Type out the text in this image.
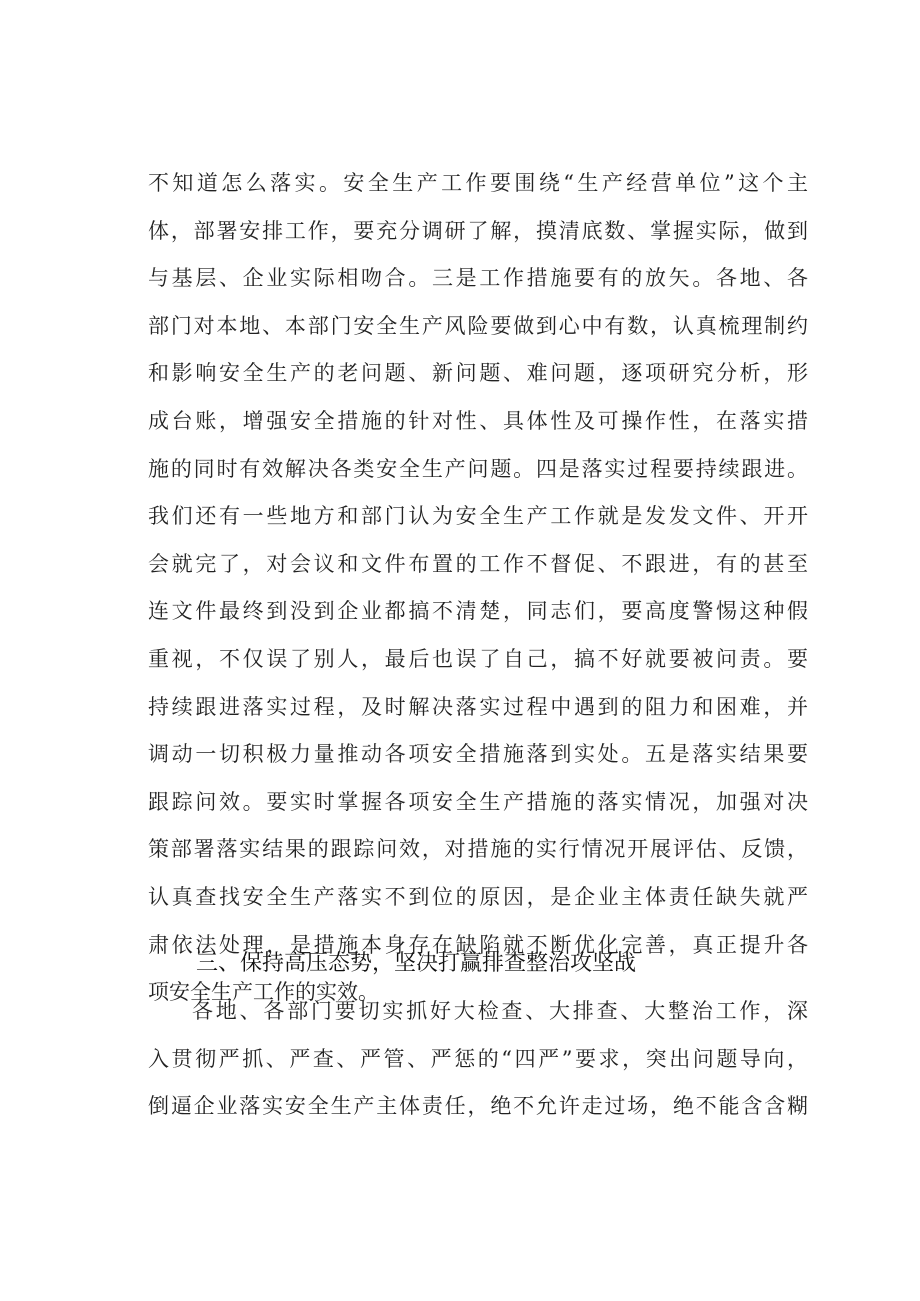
不知道怎么落实。安全生产工作要围绕“生产经营单位”这个主
体，部署安排工作，要充分调研了解，摸清底数、掌握实际，做到
与基层、企业实际相吻合。三是工作措施要有的放矢。各地、各
部门对本地、本部门安全生产风险要做到心中有数，认真梳理制约
和影响安全生产的老问题、新问题、难问题，逐项研究分析，形
成台账，增强安全措施的针对性、具体性及可操作性，在落实措
施的同时有效解决各类安全生产问题。四是落实过程要持续跟进。
我们还有一些地方和部门认为安全生产工作就是发发文件、开开
会就完了，对会议和文件布置的工作不督促、不跟进，有的甚至
连文件最终到没到企业都搞不清楚，同志们，要高度警惕这种假
重视，不仅误了别人，最后也误了自己，搞不好就要被问责。要
持续跟进落实过程，及时解决落实过程中遇到的阻力和困难，并
调动一切积极力量推动各项安全措施落到实处。五是落实结果要
跟踪问效。要实时掌握各项安全生产措施的落实情况，加强对决
策部署落实结果的跟踪问效，对措施的实行情况开展评估、反馈，
认真查找安全生产落实不到位的原因，是企业主体责任缺失就严
肃依法处理，是措施本身存在缺陷就不断优化完善，真正提升各
项安全生产工作的实效。
三、保持高压态势，坚决打赢排查整治攻坚战
各地、各部门要切实抓好大检查、大排查、大整治工作，深
入贯彻严抓、严查、严管、严惩的“四严”要求，突出问题导向，
倒逼企业落实安全生产主体责任，绝不允许走过场，绝不能含含糊
